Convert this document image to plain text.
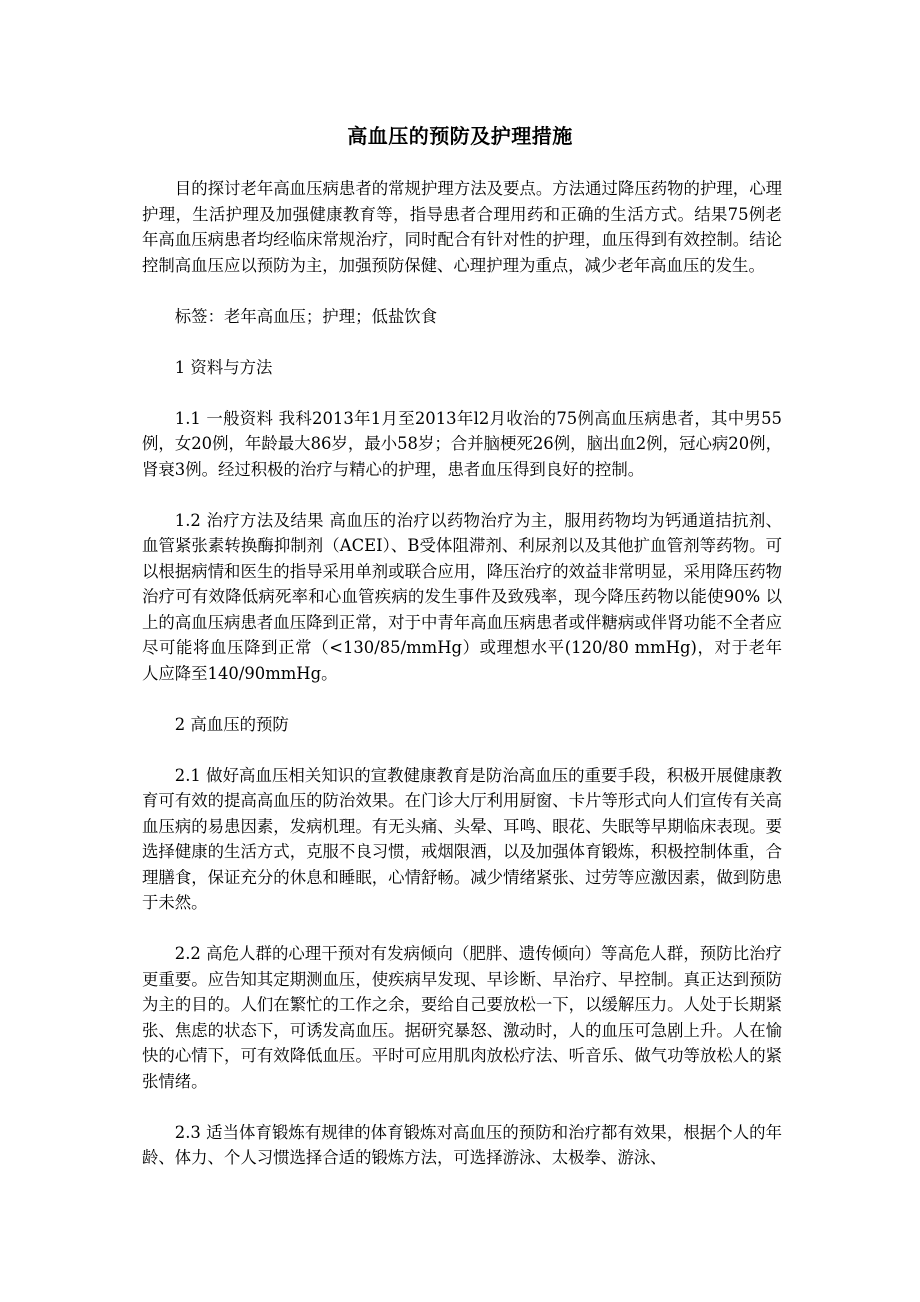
高血压的预防及护理措施

目的探讨老年高血压病患者的常规护理方法及要点。方法通过降压药物的护理，心理护理，生活护理及加强健康教育等，指导患者合理用药和正确的生活方式。结果75例老年高血压病患者均经临床常规治疗，同时配合有针对性的护理，血压得到有效控制。结论控制高血压应以预防为主，加强预防保健、心理护理为重点，减少老年高血压的发生。

标签：老年高血压；护理；低盐饮食

1 资料与方法

1.1 一般资料 我科2013年1月至2013年l2月收治的75例高血压病患者，其中男55例，女20例，年龄最大86岁，最小58岁；合并脑梗死26例，脑出血2例，冠心病20例，肾衰3例。经过积极的治疗与精心的护理，患者血压得到良好的控制。

1.2 治疗方法及结果 高血压的治疗以药物治疗为主，服用药物均为钙通道拮抗剂、血管紧张素转换酶抑制剂（ACEI）、B受体阻滞剂、利尿剂以及其他扩血管剂等药物。可以根据病情和医生的指导采用单剂或联合应用，降压治疗的效益非常明显，采用降压药物治疗可有效降低病死率和心血管疾病的发生事件及致残率，现今降压药物以能使90% 以上的高血压病患者血压降到正常，对于中青年高血压病患者或伴糖病或伴肾功能不全者应尽可能将血压降到正常（<130/85/mmHg）或理想水平(120/80 mmHg)，对于老年人应降至140/90mmHg。

2 高血压的预防

2.1 做好高血压相关知识的宣教健康教育是防治高血压的重要手段，积极开展健康教育可有效的提高高血压的防治效果。在门诊大厅利用厨窗、卡片等形式向人们宣传有关高血压病的易患因素，发病机理。有无头痛、头晕、耳鸣、眼花、失眠等早期临床表现。要选择健康的生活方式，克服不良习惯，戒烟限酒，以及加强体育锻炼，积极控制体重，合理膳食，保证充分的休息和睡眠，心情舒畅。减少情绪紧张、过劳等应激因素，做到防患于未然。

2.2 高危人群的心理干预对有发病倾向（肥胖、遗传倾向）等高危人群，预防比治疗更重要。应告知其定期测血压，使疾病早发现、早诊断、早治疗、早控制。真正达到预防为主的目的。人们在繁忙的工作之余，要给自己要放松一下，以缓解压力。人处于长期紧张、焦虑的状态下，可诱发高血压。据研究暴怒、激动时，人的血压可急剧上升。人在愉快的心情下，可有效降低血压。平时可应用肌肉放松疗法、听音乐、做气功等放松人的紧张情绪。

2.3 适当体育锻炼有规律的体育锻炼对高血压的预防和治疗都有效果，根据个人的年龄、体力、个人习惯选择合适的锻炼方法，可选择游泳、太极拳、游泳、
